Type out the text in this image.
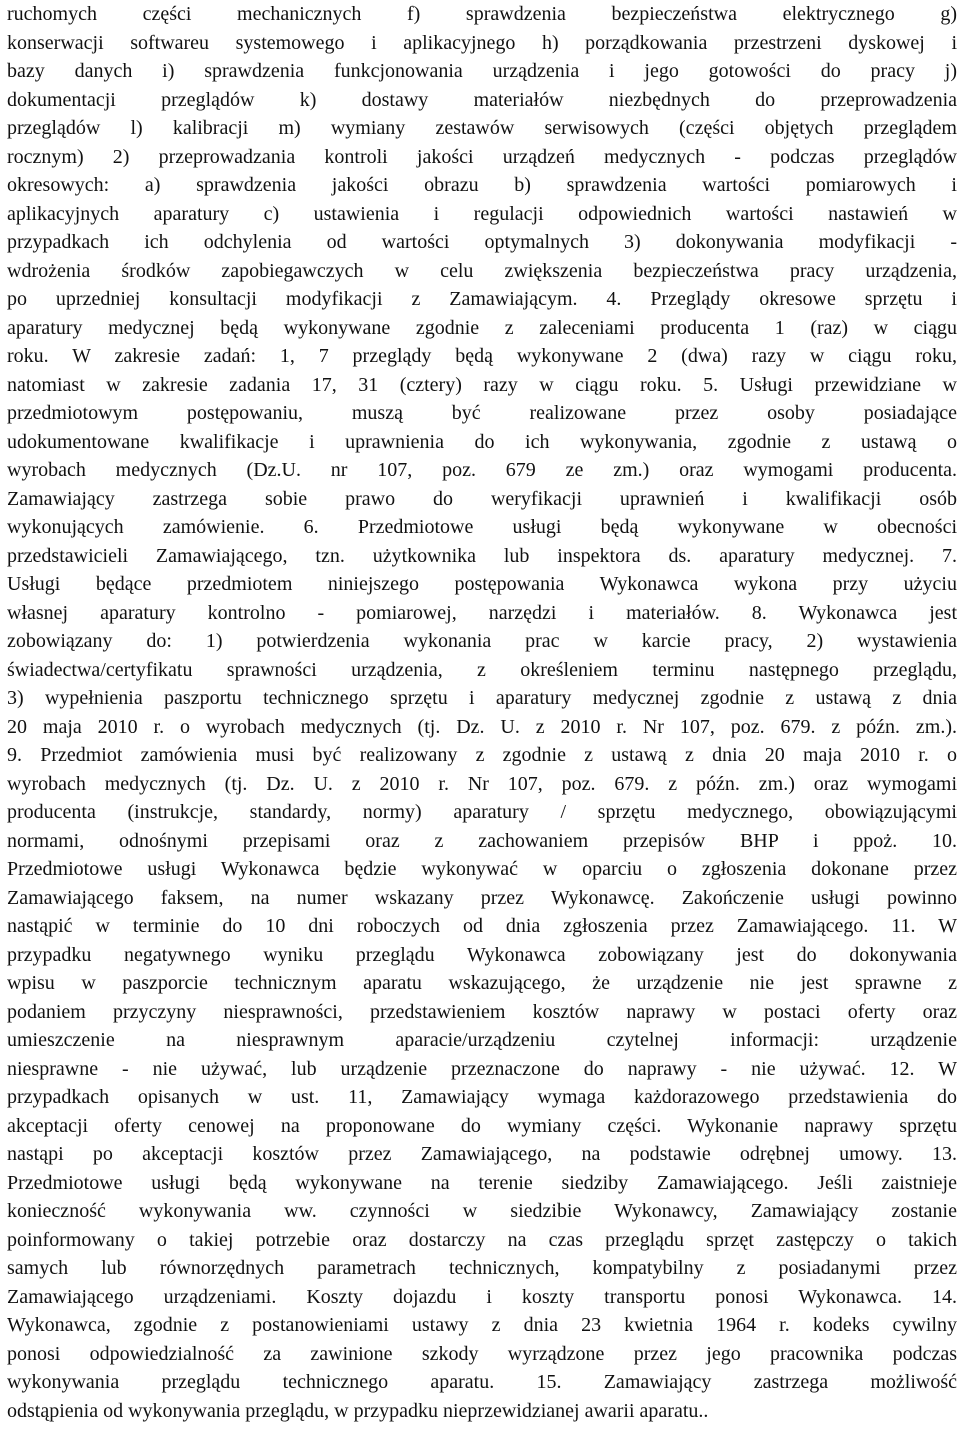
ruchomych części mechanicznych f) sprawdzenia bezpieczeństwa elektrycznego g)
konserwacji softwareu systemowego i aplikacyjnego h) porządkowania przestrzeni dyskowej i
bazy danych i) sprawdzenia funkcjonowania urządzenia i jego gotowości do pracy j)
dokumentacji przeglądów k) dostawy materiałów niezbędnych do przeprowadzenia
przeglądów l) kalibracji m) wymiany zestawów serwisowych (części objętych przeglądem
rocznym) 2) przeprowadzania kontroli jakości urządzeń medycznych - podczas przeglądów
okresowych: a) sprawdzenia jakości obrazu b) sprawdzenia wartości pomiarowych i
aplikacyjnych aparatury c) ustawienia i regulacji odpowiednich wartości nastawień w
przypadkach ich odchylenia od wartości optymalnych 3) dokonywania modyfikacji -
wdrożenia środków zapobiegawczych w celu zwiększenia bezpieczeństwa pracy urządzenia,
po uprzedniej konsultacji modyfikacji z Zamawiającym. 4. Przeglądy okresowe sprzętu i
aparatury medycznej będą wykonywane zgodnie z zaleceniami producenta 1 (raz) w ciągu
roku. W zakresie zadań: 1, 7 przeglądy będą wykonywane 2 (dwa) razy w ciągu roku,
natomiast w zakresie zadania 17, 31 (cztery) razy w ciągu roku. 5. Usługi przewidziane w
przedmiotowym postępowaniu, muszą być realizowane przez osoby posiadające
udokumentowane kwalifikacje i uprawnienia do ich wykonywania, zgodnie z ustawą o
wyrobach medycznych (Dz.U. nr 107, poz. 679 ze zm.) oraz wymogami producenta.
Zamawiający zastrzega sobie prawo do weryfikacji uprawnień i kwalifikacji osób
wykonujących zamówienie. 6. Przedmiotowe usługi będą wykonywane w obecności
przedstawicieli Zamawiającego, tzn. użytkownika lub inspektora ds. aparatury medycznej. 7.
Usługi będące przedmiotem niniejszego postępowania Wykonawca wykona przy użyciu
własnej aparatury kontrolno - pomiarowej, narzędzi i materiałów. 8. Wykonawca jest
zobowiązany do: 1) potwierdzenia wykonania prac w karcie pracy, 2) wystawienia
świadectwa/certyfikatu sprawności urządzenia, z określeniem terminu następnego przeglądu,
3) wypełnienia paszportu technicznego sprzętu i aparatury medycznej zgodnie z ustawą z dnia
20 maja 2010 r. o wyrobach medycznych (tj. Dz. U. z 2010 r. Nr 107, poz. 679. z późn. zm.).
9. Przedmiot zamówienia musi być realizowany z zgodnie z ustawą z dnia 20 maja 2010 r. o
wyrobach medycznych (tj. Dz. U. z 2010 r. Nr 107, poz. 679. z późn. zm.) oraz wymogami
producenta (instrukcje, standardy, normy) aparatury / sprzętu medycznego, obowiązującymi
normami, odnośnymi przepisami oraz z zachowaniem przepisów BHP i ppoż. 10.
Przedmiotowe usługi Wykonawca będzie wykonywać w oparciu o zgłoszenia dokonane przez
Zamawiającego faksem, na numer wskazany przez Wykonawcę. Zakończenie usługi powinno
nastąpić w terminie do 10 dni roboczych od dnia zgłoszenia przez Zamawiającego. 11. W
przypadku negatywnego wyniku przeglądu Wykonawca zobowiązany jest do dokonywania
wpisu w paszporcie technicznym aparatu wskazującego, że urządzenie nie jest sprawne z
podaniem przyczyny niesprawności, przedstawieniem kosztów naprawy w postaci oferty oraz
umieszczenie na niesprawnym aparacie/urządzeniu czytelnej informacji: urządzenie
niesprawne - nie używać, lub urządzenie przeznaczone do naprawy - nie używać. 12. W
przypadkach opisanych w ust. 11, Zamawiający wymaga każdorazowego przedstawienia do
akceptacji oferty cenowej na proponowane do wymiany części. Wykonanie naprawy sprzętu
nastąpi po akceptacji kosztów przez Zamawiającego, na podstawie odrębnej umowy. 13.
Przedmiotowe usługi będą wykonywane na terenie siedziby Zamawiającego. Jeśli zaistnieje
konieczność wykonywania ww. czynności w siedzibie Wykonawcy, Zamawiający zostanie
poinformowany o takiej potrzebie oraz dostarczy na czas przeglądu sprzęt zastępczy o takich
samych lub równorzędnych parametrach technicznych, kompatybilny z posiadanymi przez
Zamawiającego urządzeniami. Koszty dojazdu i koszty transportu ponosi Wykonawca. 14.
Wykonawca, zgodnie z postanowieniami ustawy z dnia 23 kwietnia 1964 r. kodeks cywilny
ponosi odpowiedzialność za zawinione szkody wyrządzone przez jego pracownika podczas
wykonywania przeglądu technicznego aparatu. 15. Zamawiający zastrzega możliwość
odstąpienia od wykonywania przeglądu, w przypadku nieprzewidzianej awarii aparatu..
